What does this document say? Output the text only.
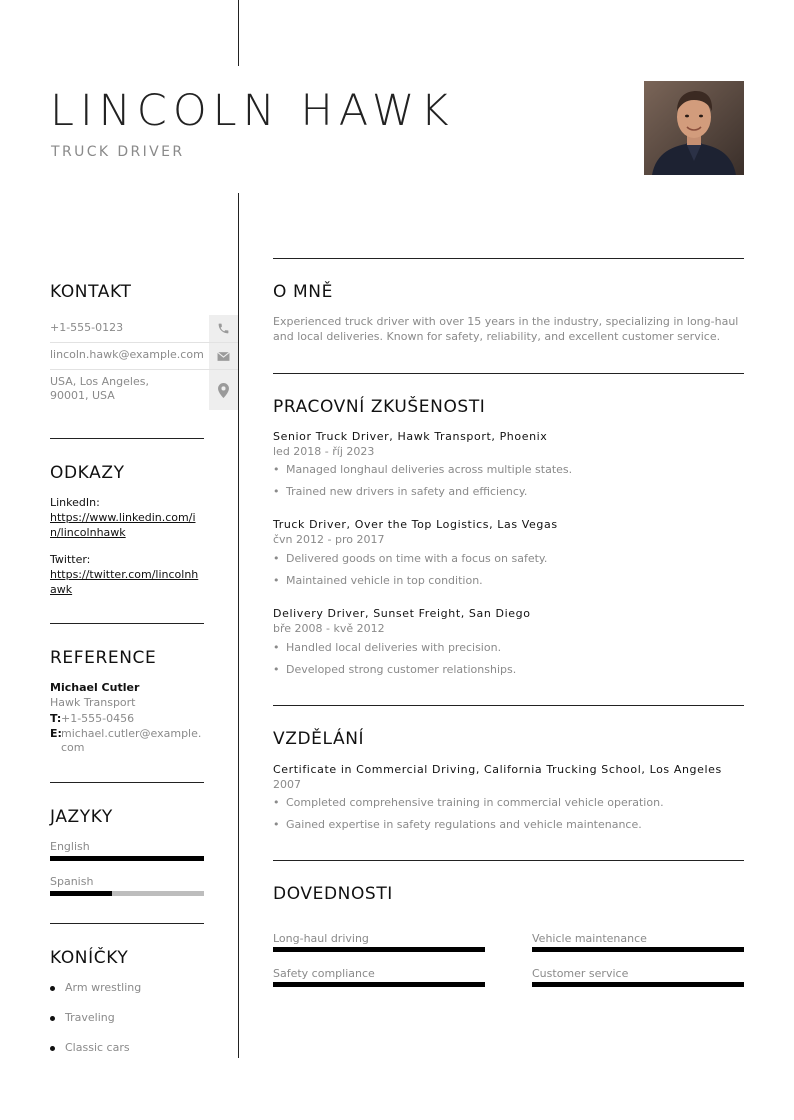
LINCOLN HAWK
TRUCK DRIVER
KONTAKT
+1-555-0123
lincoln.hawk@example.com
USA, Los Angeles, 90001, USA
ODKAZY
LinkedIn:
https://www.linkedin.com/in/lincolnhawk
Twitter:
https://twitter.com/lincolnhawk
REFERENCE
Michael Cutler
Hawk Transport
T: +1-555-0456
E: michael.cutler@example.com
JAZYKY
English
Spanish
KONÍČKY
Arm wrestling
Traveling
Classic cars
O MNĚ
Experienced truck driver with over 15 years in the industry, specializing in long-haul and local deliveries. Known for safety, reliability, and excellent customer service.
PRACOVNÍ ZKUŠENOSTI
Senior Truck Driver, Hawk Transport, Phoenix
led 2018 - říj 2023
• Managed longhaul deliveries across multiple states.
• Trained new drivers in safety and efficiency.
Truck Driver, Over the Top Logistics, Las Vegas
čvn 2012 - pro 2017
• Delivered goods on time with a focus on safety.
• Maintained vehicle in top condition.
Delivery Driver, Sunset Freight, San Diego
bře 2008 - kvě 2012
• Handled local deliveries with precision.
• Developed strong customer relationships.
VZDĚLÁNÍ
Certificate in Commercial Driving, California Trucking School, Los Angeles
2007
• Completed comprehensive training in commercial vehicle operation.
• Gained expertise in safety regulations and vehicle maintenance.
DOVEDNOSTI
Long-haul driving	Vehicle maintenance
Safety compliance	Customer service
